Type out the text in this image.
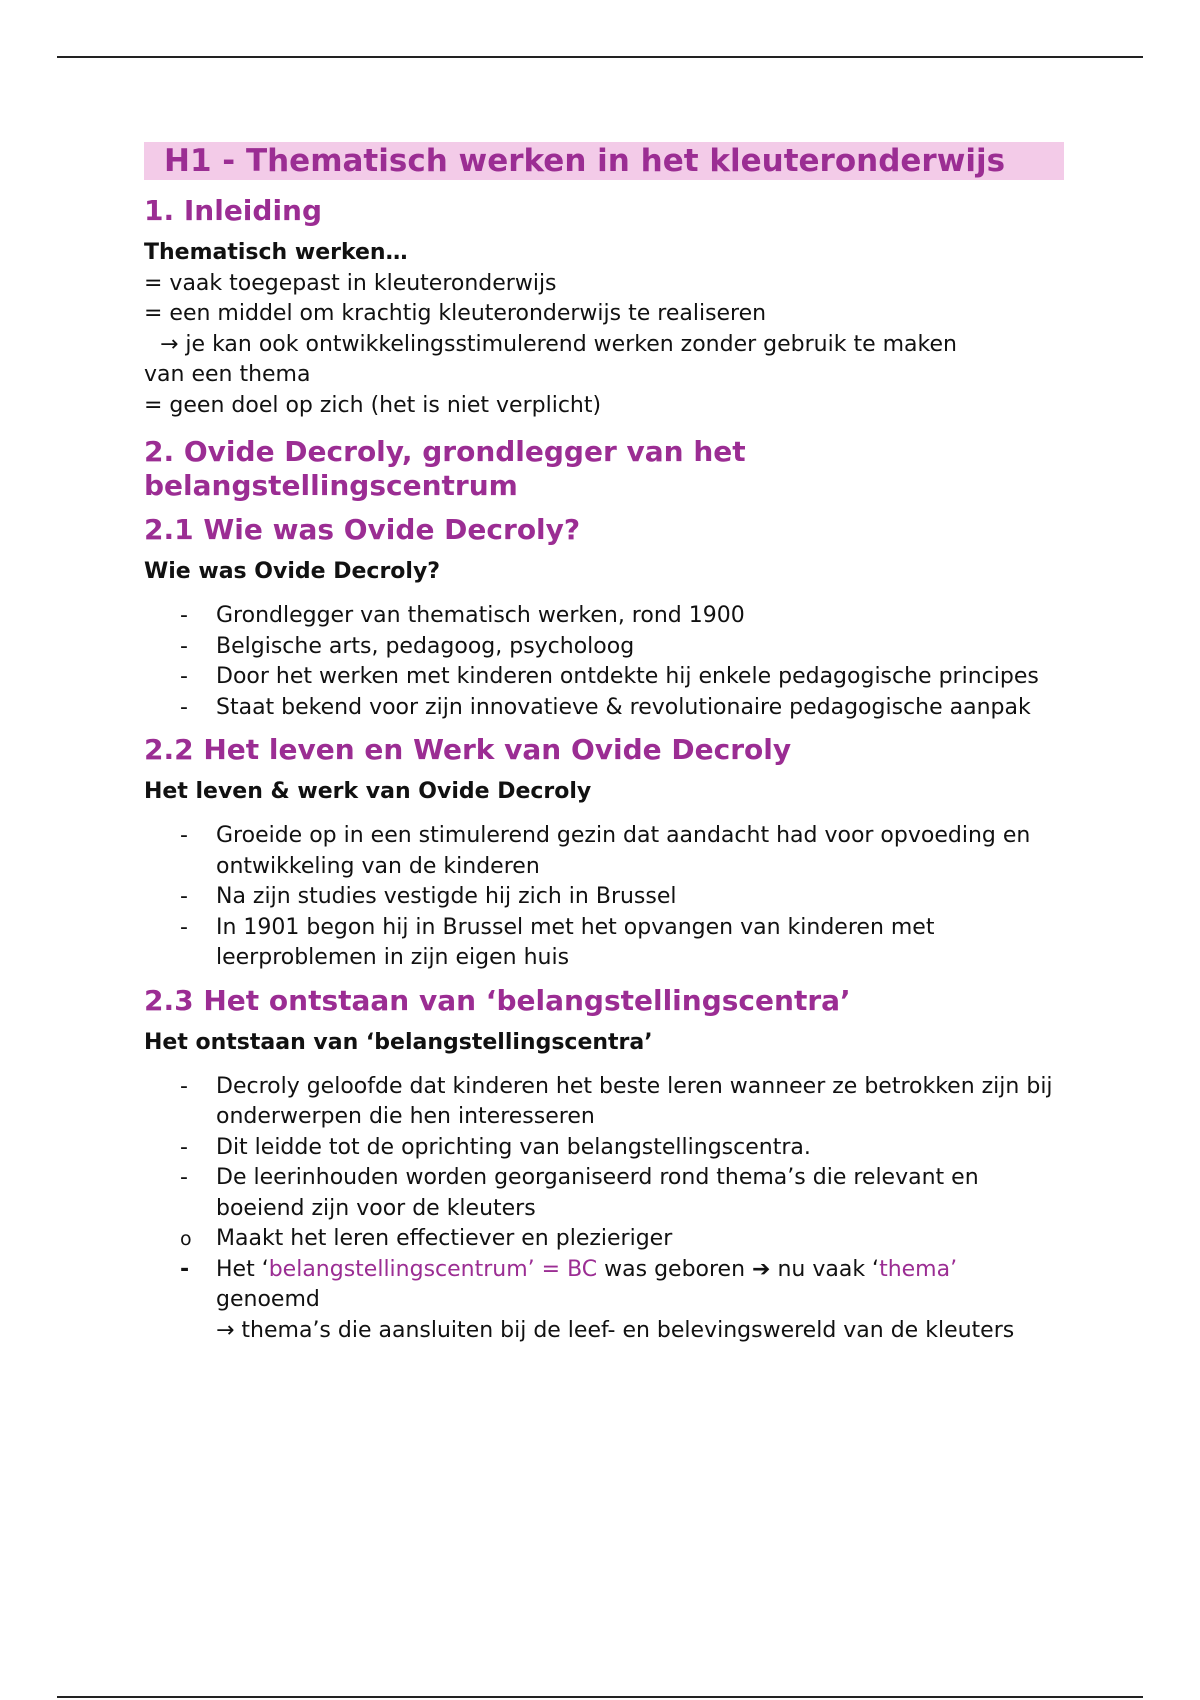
H1 - Thematisch werken in het kleuteronderwijs
1. Inleiding
Thematisch werken…
= vaak toegepast in kleuteronderwijs
= een middel om krachtig kleuteronderwijs te realiseren
→ je kan ook ontwikkelingsstimulerend werken zonder gebruik te maken
van een thema
= geen doel op zich (het is niet verplicht)
2. Ovide Decroly, grondlegger van het
belangstellingscentrum
2.1 Wie was Ovide Decroly?
Wie was Ovide Decroly?
- Grondlegger van thematisch werken, rond 1900
- Belgische arts, pedagoog, psycholoog
- Door het werken met kinderen ontdekte hij enkele pedagogische principes
- Staat bekend voor zijn innovatieve & revolutionaire pedagogische aanpak
2.2 Het leven en Werk van Ovide Decroly
Het leven & werk van Ovide Decroly
- Groeide op in een stimulerend gezin dat aandacht had voor opvoeding en ontwikkeling van de kinderen
- Na zijn studies vestigde hij zich in Brussel
- In 1901 begon hij in Brussel met het opvangen van kinderen met leerproblemen in zijn eigen huis
2.3 Het ontstaan van ‘belangstellingscentra’
Het ontstaan van ‘belangstellingscentra’
- Decroly geloofde dat kinderen het beste leren wanneer ze betrokken zijn bij onderwerpen die hen interesseren
- Dit leidde tot de oprichting van belangstellingscentra.
- De leerinhouden worden georganiseerd rond thema’s die relevant en boeiend zijn voor de kleuters
o Maakt het leren effectiever en plezieriger
- Het ‘belangstellingscentrum’ = BC was geboren ➔ nu vaak ‘thema’
genoemd
→ thema’s die aansluiten bij de leef- en belevingswereld van de kleuters
